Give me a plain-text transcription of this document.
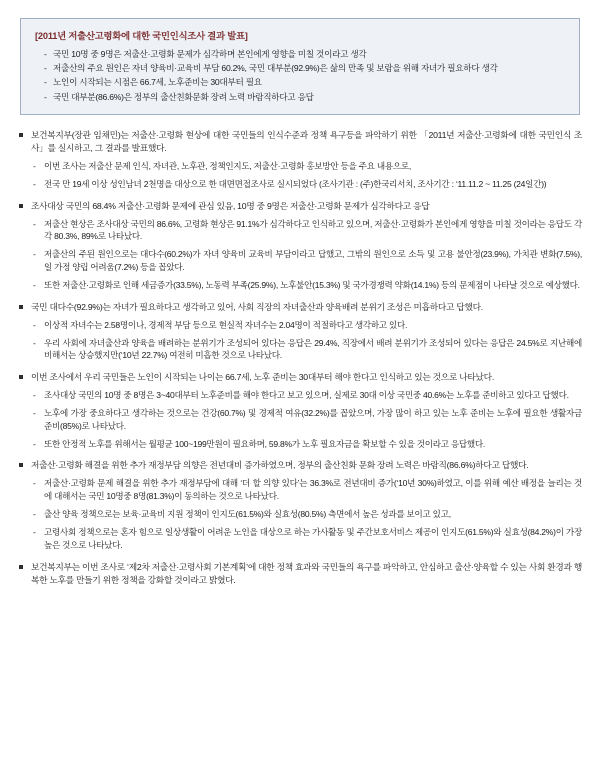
[2011년 저출산고령화에 대한 국민인식조사 결과 발표]
- 국민 10명 중 9명은 저출산·고령화 문제가 심각하며 본인에게 영향을 미칠 것이라고 생각
- 저출산의 주요 원인은 자녀 양육비·교육비 부담 60.2%, 국민 대부분(92.9%)은 삶의 만족 및 보람을 위해 자녀가 필요하다 생각
- 노인이 시작되는 시점은 66.7세, 노후준비는 30대부터 필요
- 국민 대부분(86.6%)은 정부의 출산친화문화 장려 노력 바람직하다고 응답
보건복지부(장관 임채민)는 저출산·고령화 현상에 대한 국민들의 인식수준과 정책 욕구등을 파악하기 위한 「2011년 저출산·고령화에 대한 국민인식 조사」를 실시하고, 그 결과를 발표했다.
- 이번 조사는 저출산 문제 인식, 자녀관, 노후관, 정책인지도, 저출산·고령화 홍보방안 등을 주요 내용으로,
- 전국 만 19세 이상 성인남녀 2천명을 대상으로 한 대면면접조사로 실시되었다 (조사기관 : (주)한국리서치, 조사기간 : ‘11.11.2 ~ 11.25 (24일간))
조사대상 국민의 68.4% 저출산·고령화 문제에 관심 있음, 10명 중 9명은 저출산·고령화 문제가 심각하다고 응답
- 저출산 현상은 조사대상 국민의 86.6%, 고령화 현상은 91.1%가 심각하다고 인식하고 있으며, 저출산·고령화가 본인에게 영향을 미칠 것이라는 응답도 각각 80.3%, 89%로 나타났다.
- 저출산의 주된 원인으로는 대다수(60.2%)가 자녀 양육비 교육비 부담이라고 답했고, 그밖의 원인으로 소득 및 고용 불안정(23.9%), 가치관 변화(7.5%), 일 가정 양립 어려움(7.2%) 등을 꼽았다.
- 또한 저출산·고령화로 인해 세금증가(33.5%), 노동력 부족(25.9%), 노후불안(15.3%) 및 국가경쟁력 약화(14.1%) 등의 문제점이 나타날 것으로 예상했다.
국민 대다수(92.9%)는 자녀가 필요하다고 생각하고 있어, 사회 직장의 자녀출산과 양육배려 분위기 조성은 미흡하다고 답했다.
- 이상적 자녀수는 2.58명이나, 경제적 부담 등으로 현실적 자녀수는 2.04명이 적절하다고 생각하고 있다.
- 우리 사회에 자녀출산과 양육을 배려하는 분위기가 조성되어 있다는 응답은 29.4%, 직장에서 배려 분위기가 조성되어 있다는 응답은 24.5%로 지난해에 비해서는 상승했지만(‘10년 22.7%) 여전히 미흡한 것으로 나타났다.
이번 조사에서 우리 국민들은 노인이 시작되는 나이는 66.7세, 노후 준비는 30대부터 해야 한다고 인식하고 있는 것으로 나타났다.
- 조사대상 국민의 10명 중 8명은 3~40대부터 노후준비를 해야 한다고 보고 있으며, 실제로 30대 이상 국민중 40.6%는 노후를 준비하고 있다고 답했다.
- 노후에 가장 중요하다고 생각하는 것으로는 건강(60.7%) 및 경제적 여유(32.2%)를 꼽았으며, 가장 많이 하고 있는 노후 준비는 노후에 필요한 생활자금 준비(85%)로 나타났다.
- 또한 안정적 노후를 위해서는 월평균 100~199만원이 필요하며, 59.8%가 노후 필요자금을 확보할 수 있을 것이라고 응답했다.
저출산·고령화 해결을 위한 추가 재정부담 의향은 전년대비 증가하였으며, 정부의 출산친화 문화 장려 노력은 바람직(86.6%)하다고 답했다.
- 저출산·고령화 문제 해결을 위한 추가 재정부담에 대해 ‘더 할 의향 있다’는 36.3%로 전년대비 증가(‘10년 30%)하였고, 이를 위해 예산 배정을 늘리는 것에 대해서는 국민 10명중 8명(81.3%)이 동의하는 것으로 나타났다.
- 출산 양육 정책으로는 보육·교육비 지원 정책이 인지도(61.5%)와 실효성(80.5%) 측면에서 높은 성과를 보이고 있고,
- 고령사회 정책으로는 혼자 힘으로 일상생활이 어려운 노인을 대상으로 하는 가사활동 및 주간보호서비스 제공이 인지도(61.5%)와 실효성(84.2%)이 가장 높은 것으로 나타났다.
보건복지부는 이번 조사로 ‘제2차 저출산·고령사회 기본계획’에 대한 정책 효과와 국민들의 욕구를 파악하고, 안심하고 출산·양육할 수 있는 사회 환경과 행복한 노후를 만들기 위한 정책을 강화할 것이라고 밝혔다.
